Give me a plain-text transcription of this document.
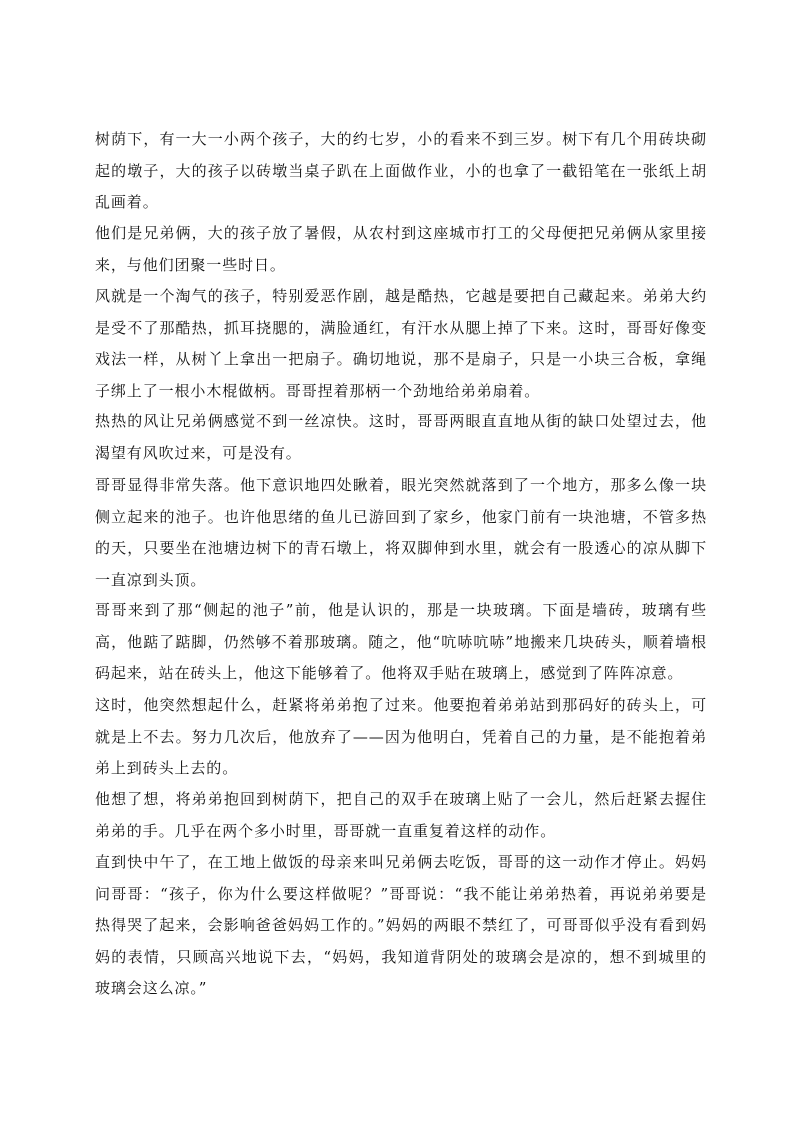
树荫下，有一大一小两个孩子，大的约七岁，小的看来不到三岁。树下有几个用砖块砌起的墩子，大的孩子以砖墩当桌子趴在上面做作业，小的也拿了一截铅笔在一张纸上胡乱画着。

他们是兄弟俩，大的孩子放了暑假，从农村到这座城市打工的父母便把兄弟俩从家里接来，与他们团聚一些时日。

风就是一个淘气的孩子，特别爱恶作剧，越是酷热，它越是要把自己藏起来。弟弟大约是受不了那酷热，抓耳挠腮的，满脸通红，有汗水从腮上掉了下来。这时，哥哥好像变戏法一样，从树丫上拿出一把扇子。确切地说，那不是扇子，只是一小块三合板，拿绳子绑上了一根小木棍做柄。哥哥捏着那柄一个劲地给弟弟扇着。

热热的风让兄弟俩感觉不到一丝凉快。这时，哥哥两眼直直地从街的缺口处望过去，他渴望有风吹过来，可是没有。

哥哥显得非常失落。他下意识地四处瞅着，眼光突然就落到了一个地方，那多么像一块侧立起来的池子。也许他思绪的鱼儿已游回到了家乡，他家门前有一块池塘，不管多热的天，只要坐在池塘边树下的青石墩上，将双脚伸到水里，就会有一股透心的凉从脚下一直凉到头顶。

哥哥来到了那“侧起的池子”前，他是认识的，那是一块玻璃。下面是墙砖，玻璃有些高，他踮了踮脚，仍然够不着那玻璃。随之，他“吭哧吭哧”地搬来几块砖头，顺着墙根码起来，站在砖头上，他这下能够着了。他将双手贴在玻璃上，感觉到了阵阵凉意。

这时，他突然想起什么，赶紧将弟弟抱了过来。他要抱着弟弟站到那码好的砖头上，可就是上不去。努力几次后，他放弃了——因为他明白，凭着自己的力量，是不能抱着弟弟上到砖头上去的。

他想了想，将弟弟抱回到树荫下，把自己的双手在玻璃上贴了一会儿，然后赶紧去握住弟弟的手。几乎在两个多小时里，哥哥就一直重复着这样的动作。

直到快中午了，在工地上做饭的母亲来叫兄弟俩去吃饭，哥哥的这一动作才停止。妈妈问哥哥：“孩子，你为什么要这样做呢？”哥哥说：“我不能让弟弟热着，再说弟弟要是热得哭了起来，会影响爸爸妈妈工作的。”妈妈的两眼不禁红了，可哥哥似乎没有看到妈妈的表情，只顾高兴地说下去，“妈妈，我知道背阴处的玻璃会是凉的，想不到城里的玻璃会这么凉。”
